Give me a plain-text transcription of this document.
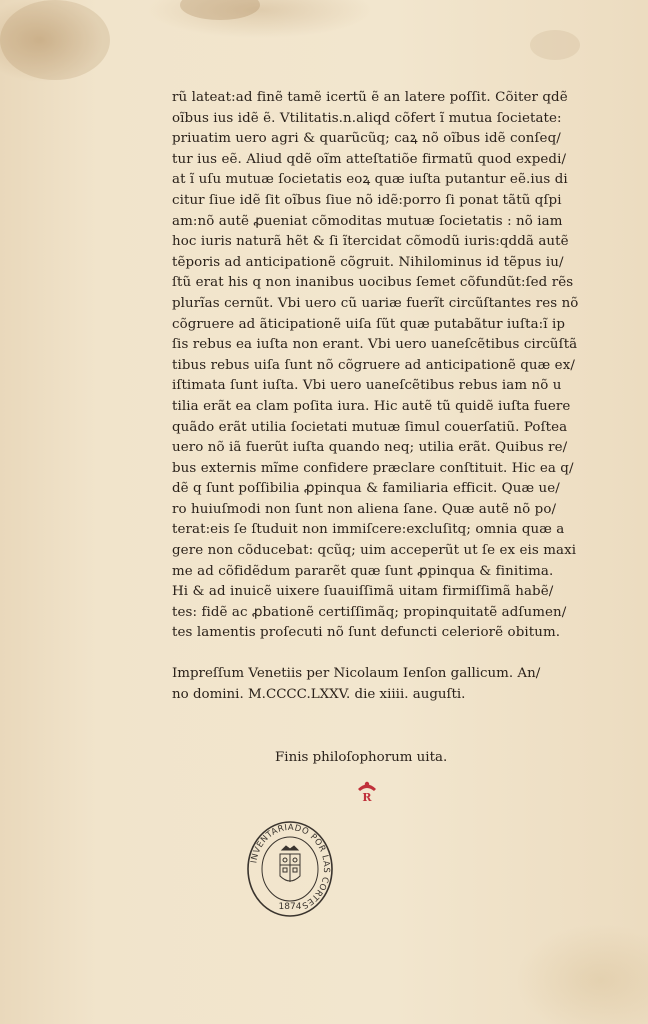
rũ lateat:ad finẽ tamẽ icertũ ẽ an latere poſſit. Cõiter qdẽ
oĩbus ius idẽ ẽ. Vtilitatis.n.aliqd cõfert ĩ mutua ſocietate:
priuatim uero agri & quarũcũq; caꝝ nõ oĩbus idẽ conſeq/
tur ius eẽ. Aliud qdẽ oĩm atteſtatiõe firmatũ quod expedi/
at ĩ uſu mutuæ ſocietatis eoꝝ quæ iuſta putantur eẽ.ius di
citur ſiue idẽ ſit oĩbus ſiue nõ idẽ:porro ſi ponat tãtũ qſpi
am:nõ autẽ ꝓueniat cõmoditas mutuæ ſocietatis : nõ iam
hoc iuris naturã hẽt & ſi ĩtercidat cõmodũ iuris:qddã autẽ
tẽporis ad anticipationẽ cõgruit. Nihilominus id tẽpus iu/
ſtũ erat his q non inanibus uocibus ſemet cõfundũt:ſed rẽs
plurĩas cernũt. Vbi uero cũ uariæ fuerĩt circũſtantes res nõ
cõgruere ad ãticipationẽ uiſa ſũt quæ putabãtur iuſta:ĩ ip
ſis rebus ea iuſta non erant. Vbi uero uaneſcẽtibus circũſtã
tibus rebus uiſa ſunt nõ cõgruere ad anticipationẽ quæ ex/
iſtimata ſunt iuſta. Vbi uero uaneſcẽtibus rebus iam nõ u
tilia erãt ea clam poſita iura. Hic autẽ tũ quidẽ iuſta fuere
quãdo erãt utilia ſocietati mutuæ ſimul couerſatiũ. Poſtea
uero nõ iã fuerũt iuſta quando neq; utilia erãt. Quibus re/
bus externis mĩme confidere præclare conſtituit. Hic ea q/
dẽ q ſunt poſſibilia ꝓpinqua & familiaria efficit. Quæ ue/
ro huiuſmodi non ſunt non aliena ſane. Quæ autẽ nõ po/
terat:eis ſe ſtuduit non immiſcere:excluſitq; omnia quæ a
gere non cõducebat: qcũq; uim acceperũt ut ſe ex eis maxi
me ad cõfidẽdum pararẽt quæ ſunt ꝓpinqua & finitima.
Hi & ad inuicẽ uixere ſuauiſſimã uitam firmiſſimã habẽ/
tes: fidẽ ac ꝓbationẽ certiſſimãq; propinquitatẽ adſumen/
tes lamentis proſecuti nõ ſunt defuncti celeriorẽ obitum.
Impreſſum Venetiis per Nicolaum Ienſon gallicum. An/
no domini. M.CCCC.LXXV. die xiiii. auguſti.
Finis philoſophorum uita.
R
INVENTARIADO POR LAS CORTES
1874
